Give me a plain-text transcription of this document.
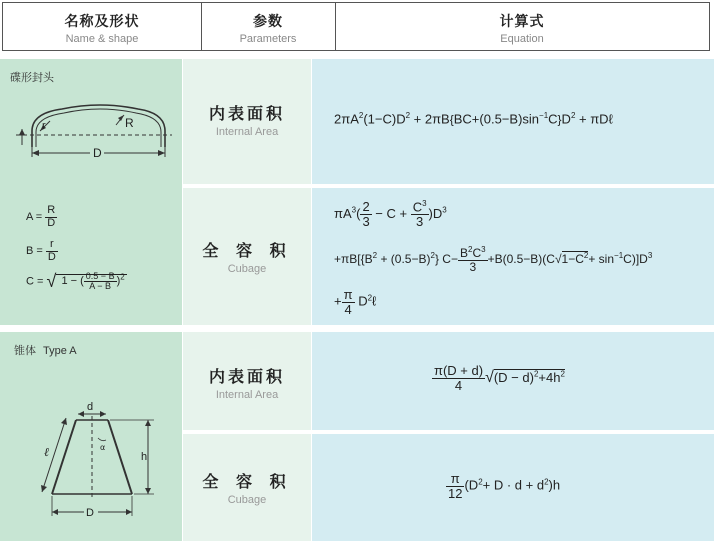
名称及形状
Name & shape
参数
Parameters
计算式
Equation
碟形封头
r	R
D
$A = \frac{R}{D}$
$B = \frac{r}{D}$
C = √ 1 − ( $\frac{0.5 - B}{A - B} )^2$
内表面积
Internal Area
$2\pi A^2(1-C)D^2 + 2\pi B\{BC+(0.5-B)\sin^{-1}C\}D^2$ + πDℓ
全 容 积
Cubage
$\pi A^3( \frac{2}{3} - C + \frac{C^3}{3} )D^3$
$+\pi B[\{B^2 + (0.5-B)^2\}$ $C- \frac{B^2C^3}{3} +B(0.5-B)(C√1-C^2+ \sin^{-1}C)]D^3$
+ $\frac{\pi}{4}$ $D^2\ell$
锥体 Type A
d
α
h
ℓ
D
内表面积
Internal Area
$\frac{\pi(D + d)}{4} √(D - d)^2+4h^2$
全 容 积
Cubage	$\frac{\pi}{12} (D^2+ D \cdot d + d^2)h$
